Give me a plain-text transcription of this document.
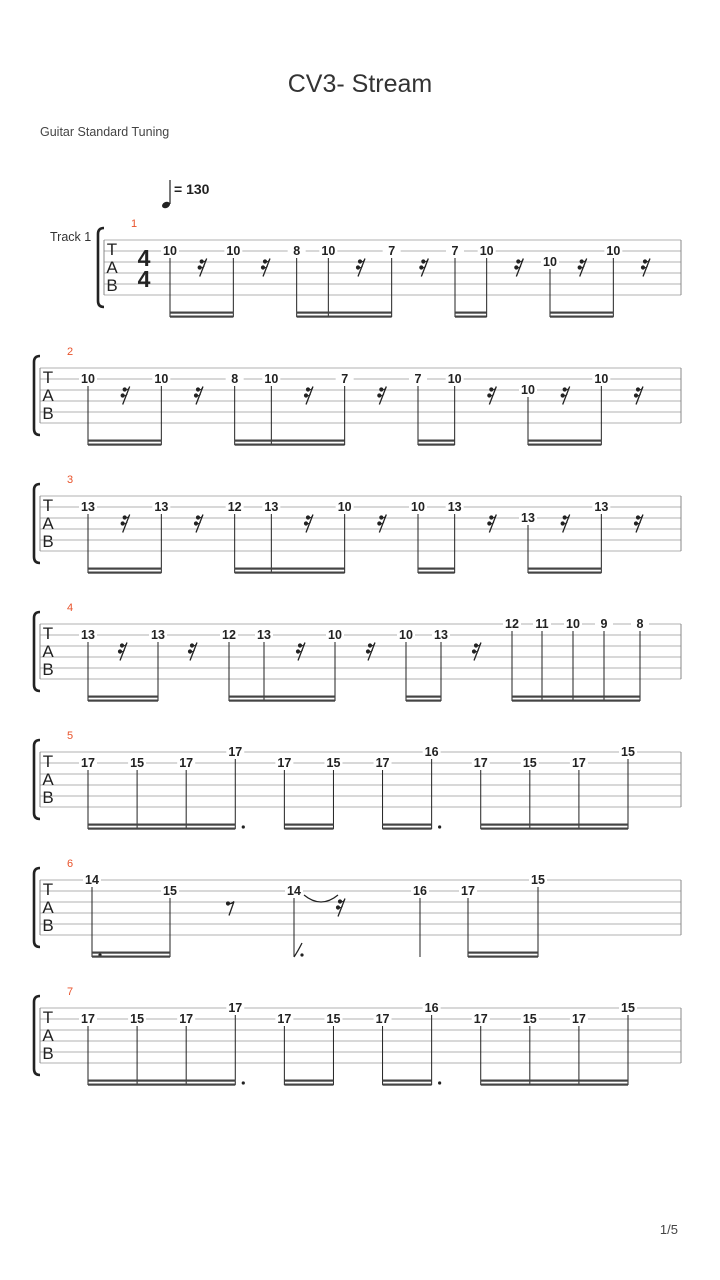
CV3- Stream
Guitar Standard Tuning
= 130
T
A
B
1
Track 1
4
4
10	10	8 10	7	7 10
10
10
T
A
B
2
10	10	8 10	7	7 10
10
10
T
A
B
3
13	13	12 13	10	10 13
13
13
T
A
B
4
13	13	12 13	10	10 13
12 11 10 9 8
T
A
B
5
17	15	17
17
17	15	17
16
17	15	17
15
T
A
B
6
14
15	14	16	17
15
T
A
B
7
17	15	17
17
17	15	17
16
17	15	17
15
1/5
